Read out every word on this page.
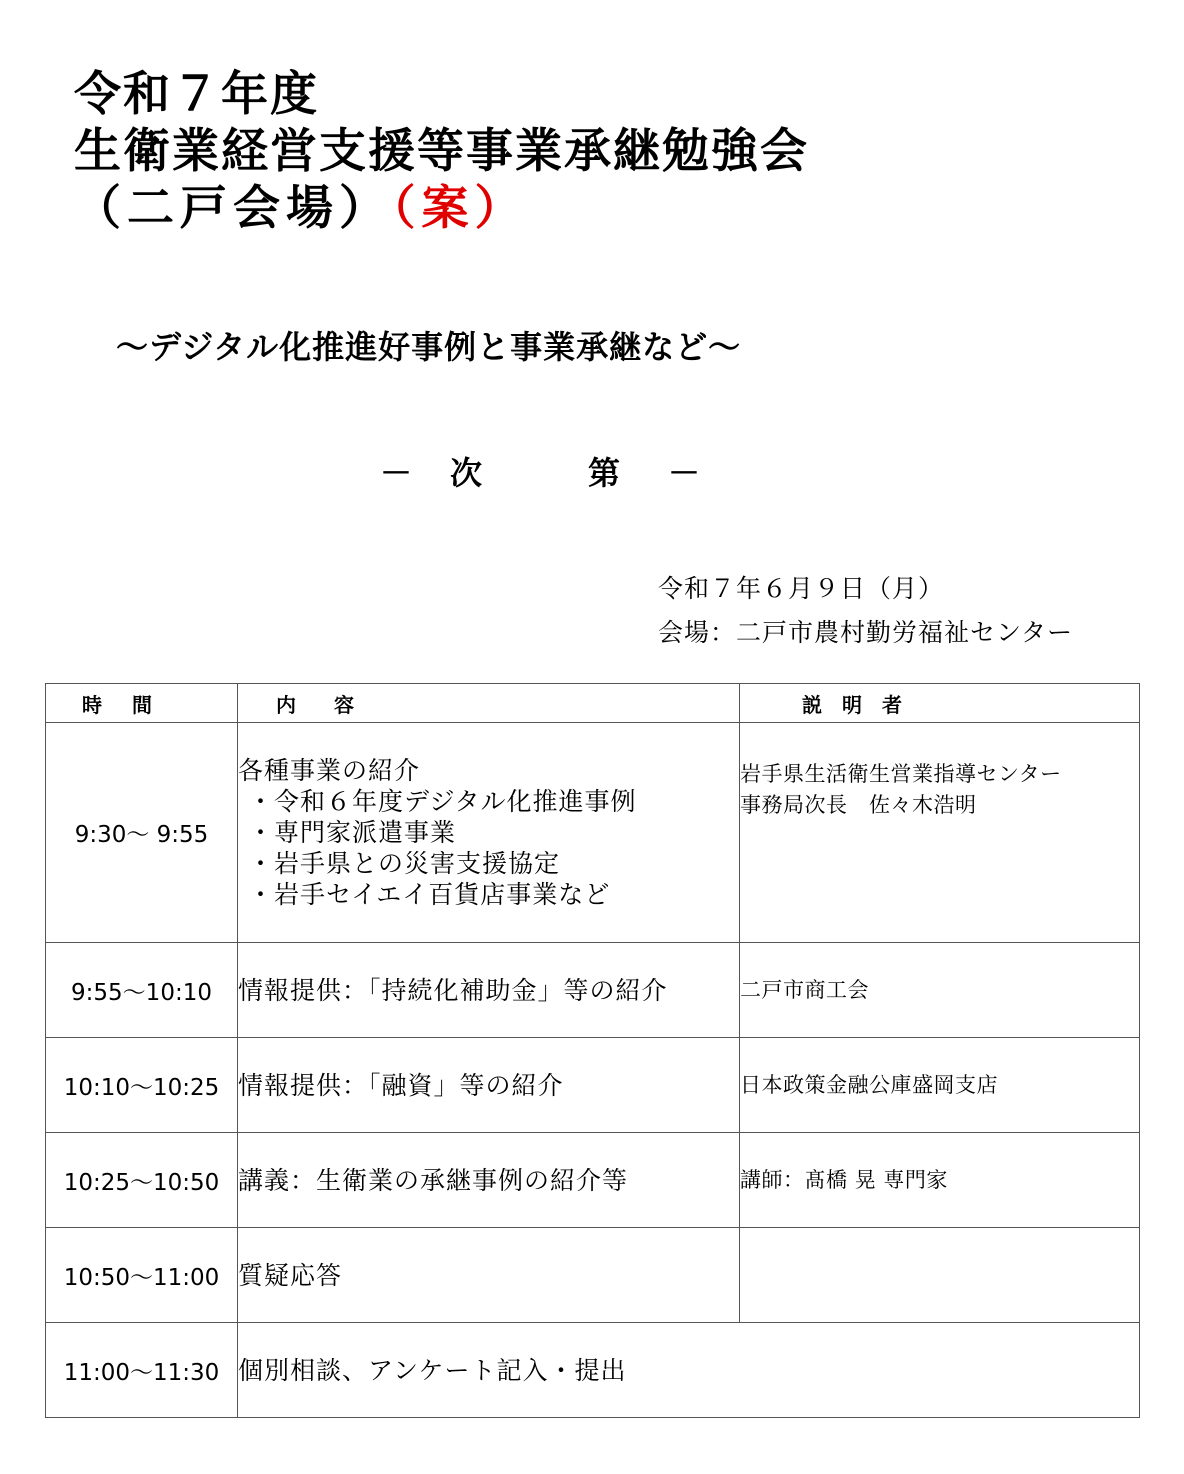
令和７年度
生衛業経営支援等事業承継勉強会
（二戸会場）（案）
～デジタル化推進好事例と事業承継など～
－ 次	第 －
令和７年６月９日（月）
会場：二戸市農村勤労福祉センター
時間	内容	説明者
9:30～ 9:55	各種事業の紹介
・令和６年度デジタル化推進事例
・専門家派遣事業
・岩手県との災害支援協定
・岩手セイエイ百貨店事業など	岩手県生活衛生営業指導センター
事務局次長　佐々木浩明

9:55～10:10	情報提供：「持続化補助金」等の紹介	二戸市商工会
10:10～10:25	情報提供：「融資」等の紹介	日本政策金融公庫盛岡支店
10:25～10:50	講義：生衛業の承継事例の紹介等	講師：髙橋 晃 専門家
10:50～11:00	質疑応答	
11:00～11:30	個別相談、アンケート記入・提出	
